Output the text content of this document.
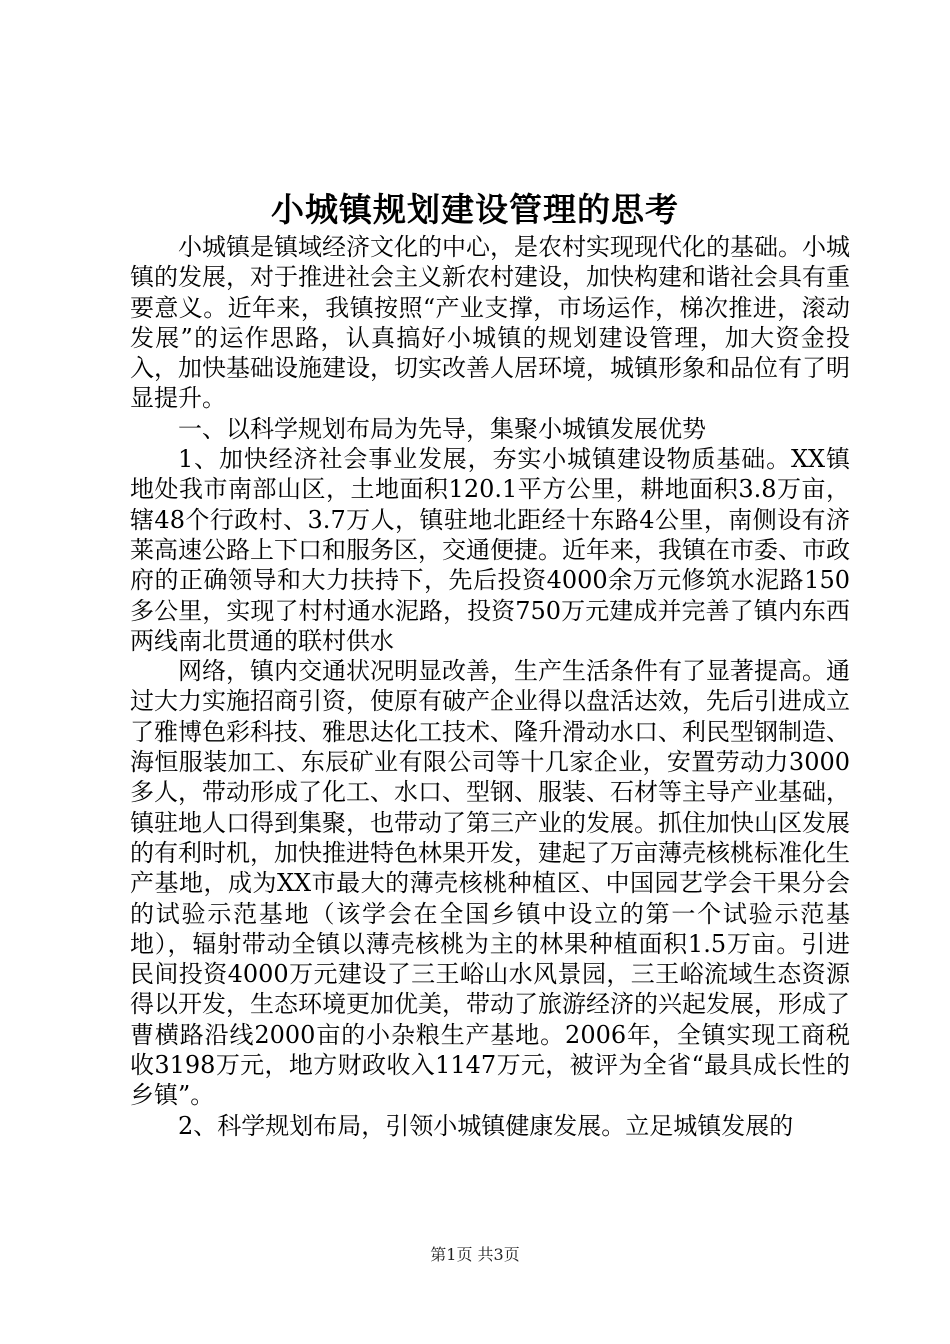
小城镇规划建设管理的思考

小城镇是镇域经济文化的中心，是农村实现现代化的基础。小城镇的发展，对于推进社会主义新农村建设，加快构建和谐社会具有重要意义。近年来，我镇按照“产业支撑，市场运作，梯次推进，滚动发展”的运作思路，认真搞好小城镇的规划建设管理，加大资金投入，加快基础设施建设，切实改善人居环境，城镇形象和品位有了明显提升。

一、以科学规划布局为先导，集聚小城镇发展优势

1、加快经济社会事业发展，夯实小城镇建设物质基础。XX镇地处我市南部山区，土地面积120.1平方公里，耕地面积3.8万亩，辖48个行政村、3.7万人，镇驻地北距经十东路4公里，南侧设有济莱高速公路上下口和服务区，交通便捷。近年来，我镇在市委、市政府的正确领导和大力扶持下，先后投资4000余万元修筑水泥路150多公里，实现了村村通水泥路，投资750万元建成并完善了镇内东西两线南北贯通的联村供水

网络，镇内交通状况明显改善，生产生活条件有了显著提高。通过大力实施招商引资，使原有破产企业得以盘活达效，先后引进成立了雅博色彩科技、雅思达化工技术、隆升滑动水口、利民型钢制造、海恒服装加工、东辰矿业有限公司等十几家企业，安置劳动力3000多人，带动形成了化工、水口、型钢、服装、石材等主导产业基础，镇驻地人口得到集聚，也带动了第三产业的发展。抓住加快山区发展的有利时机，加快推进特色林果开发，建起了万亩薄壳核桃标准化生产基地，成为XX市最大的薄壳核桃种植区、中国园艺学会干果分会的试验示范基地（该学会在全国乡镇中设立的第一个试验示范基地），辐射带动全镇以薄壳核桃为主的林果种植面积1.5万亩。引进民间投资4000万元建设了三王峪山水风景园，三王峪流域生态资源得以开发，生态环境更加优美，带动了旅游经济的兴起发展，形成了曹横路沿线2000亩的小杂粮生产基地。2006年，全镇实现工商税收3198万元，地方财政收入1147万元，被评为全省“最具成长性的乡镇”。

2、科学规划布局，引领小城镇健康发展。立足城镇发展的

第1页 共3页
